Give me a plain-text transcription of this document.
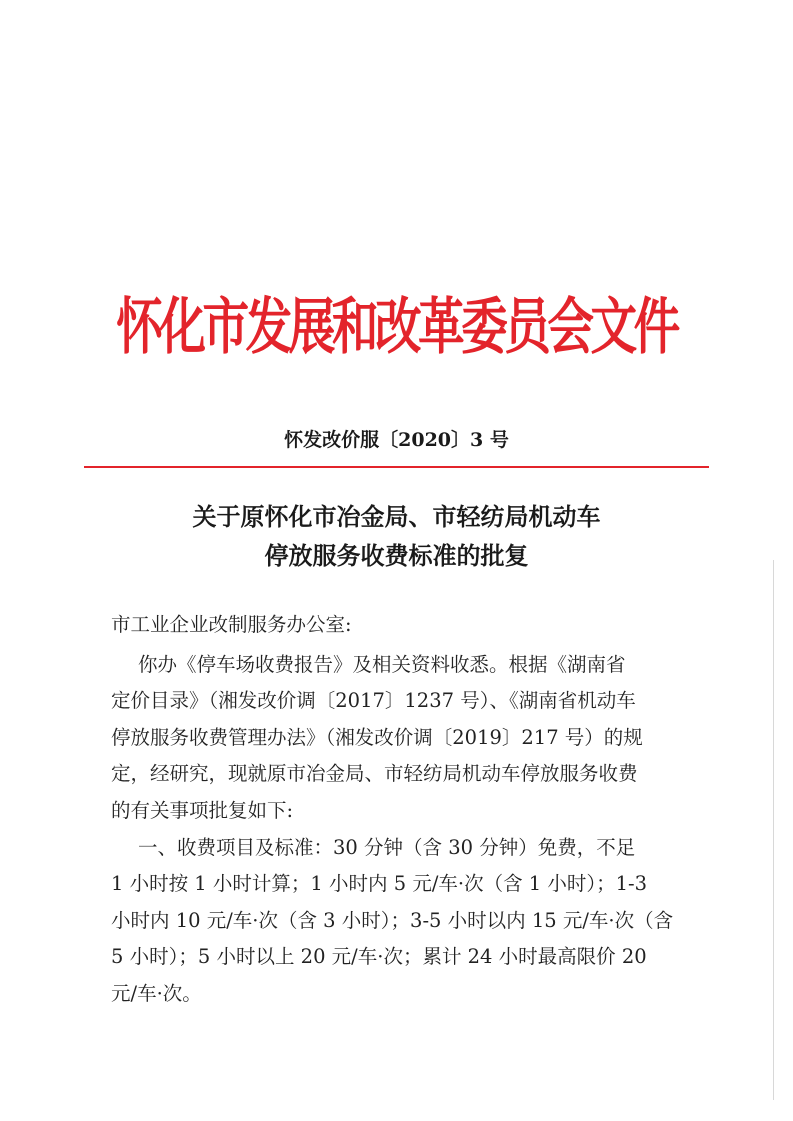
怀化市发展和改革委员会文件
怀发改价服〔2020〕3 号
关于原怀化市冶金局、市轻纺局机动车
停放服务收费标准的批复
市工业企业改制服务办公室:
你办《停车场收费报告》及相关资料收悉。根据《湖南省
定价目录》（湘发改价调〔2017〕1237 号）、《湖南省机动车
停放服务收费管理办法》（湘发改价调〔2019〕217 号）的规
定，经研究，现就原市冶金局、市轻纺局机动车停放服务收费
的有关事项批复如下:
一、收费项目及标准：30 分钟（含 30 分钟）免费，不足
1 小时按 1 小时计算；1 小时内 5 元/车·次（含 1 小时）；1-3
小时内 10 元/车·次（含 3 小时）；3-5 小时以内 15 元/车·次（含
5 小时）；5 小时以上 20 元/车·次；累计 24 小时最高限价 20
元/车·次。
